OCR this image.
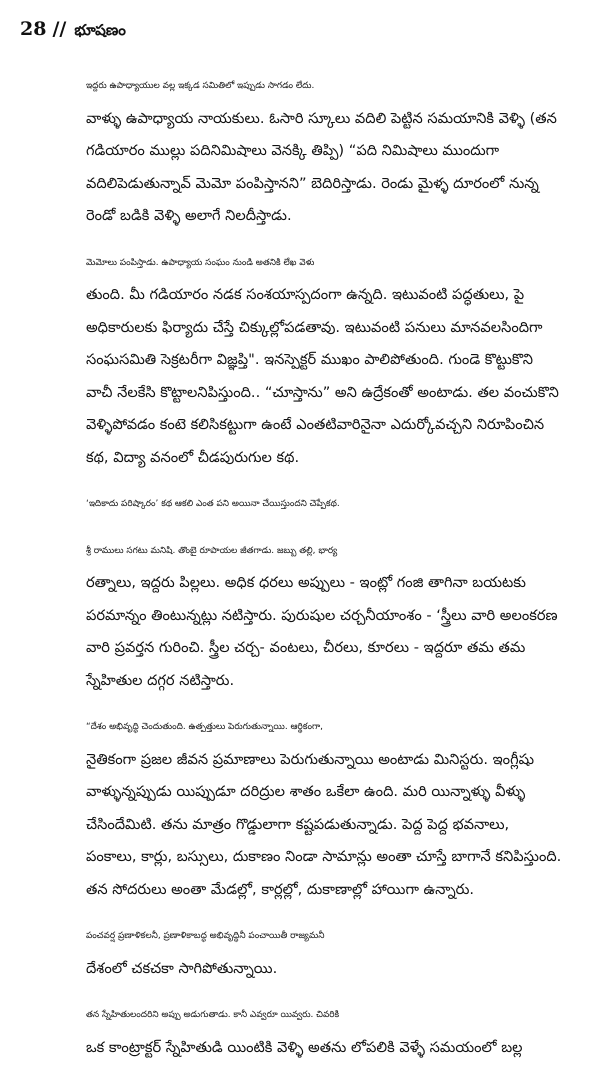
28 // భూషణం

ఇద్దరు ఉపాధ్యాయుల వల్ల ఇక్కడ సమితిలో ఇప్పుడు సాగడం లేదు.
వాళ్ళు ఉపాధ్యాయ నాయకులు. ఓసారి స్కూలు వదిలి పెట్టిన సమయానికి వెళ్ళి (తన
గడియారం ముల్లు పదినిమిషాలు వెనక్కి తిప్పి) “పది నిమిషాలు ముందుగా
వదిలిపెడుతున్నావ్ మెమో పంపిస్తానని” బెదిరిస్తాడు. రెండు మైళ్ళ దూరంలో నున్న
రెండో బడికి వెళ్ళి అలాగే నిలదీస్తాడు.

మెమోలు పంపిస్తాడు. ఉపాధ్యాయ సంఘం నుండి అతనికి లేఖ వెళు
తుంది. మీ గడియారం నడక సంశయాస్పదంగా ఉన్నది. ఇటువంటి పద్ధతులు, పై
అధికారులకు ఫిర్యాదు చేస్తే చిక్కుల్లోపడతావు. ఇటువంటి పనులు మానవలసిందిగా
సంఘసమితి సెక్రటరీగా విజ్ఞప్తి". ఇనస్పెక్టర్ ముఖం పాలిపోతుంది. గుండె కొట్టుకొని
వాచీ నేలకేసి కొట్టాలనిపిస్తుంది.. “చూస్తాను” అని ఉద్రేకంతో అంటాడు. తల వంచుకొని
వెళ్ళిపోవడం కంటె కలిసికట్టుగా ఉంటే ఎంతటివారినైనా ఎదుర్కోవచ్చని నిరూపించిన
కథ, విద్యా వనంలో చీడపురుగుల కథ.

‘ఇదికాదు పరిష్కారం’ కథ ఆకలి ఎంత పని అయినా చేయిస్తుందని చెప్పేకథ.

శ్రీ రాములు సగటు మనిషి. తొంబై రూపాయల జీతగాడు. జబ్బు తల్లి, భార్య
రత్నాలు, ఇద్దరు పిల్లలు. అధిక ధరలు అప్పులు - ఇంట్లో గంజి తాగినా బయటకు
పరమాన్నం తింటున్నట్లు నటిస్తారు. పురుషుల చర్చనీయాంశం - ‘స్త్రీలు వారి అలంకరణ
వారి ప్రవర్తన గురించి. స్త్రీల చర్చ- వంటలు, చీరలు, కూరలు - ఇద్దరూ తమ తమ
స్నేహితుల దగ్గర నటిస్తారు.

“దేశం అభివృద్ధి చెందుతుంది. ఉత్పత్తులు పెరుగుతున్నాయి. ఆర్థికంగా,
నైతికంగా ప్రజల జీవన ప్రమాణాలు పెరుగుతున్నాయి అంటాడు మినిస్టరు. ఇంగ్లీషు
వాళ్ళున్నప్పుడు యిప్పుడూ దరిద్రుల శాతం ఒకేలా ఉంది. మరి యిన్నాళ్ళు వీళ్ళు
చేసిందేమిటి. తను మాత్రం గొడ్డులాగా కష్టపడుతున్నాడు. పెద్ద పెద్ద భవనాలు,
పంకాలు, కార్లు, బస్సులు, దుకాణం నిండా సామాన్లు అంతా చూస్తే బాగానే కనిపిస్తుంది.
తన సోదరులు అంతా మేడల్లో, కార్లల్లో, దుకాణాల్లో హాయిగా ఉన్నారు.

పంచవర్ష ప్రణాళికలనీ, ప్రణాళికాబద్ధ అభివృద్ధినీ పంచాయితీ రాజ్యమనీ
దేశంలో చకచకా సాగిపోతున్నాయి.

తన స్నేహితులందరిని అప్పు అడుగుతాడు. కానీ ఎవ్వరూ యివ్వరు. చివరికి
ఒక కాంట్రాక్టర్ స్నేహితుడి యింటికి వెళ్ళి అతను లోపలికి వెళ్ళే సమయంలో బల్ల
